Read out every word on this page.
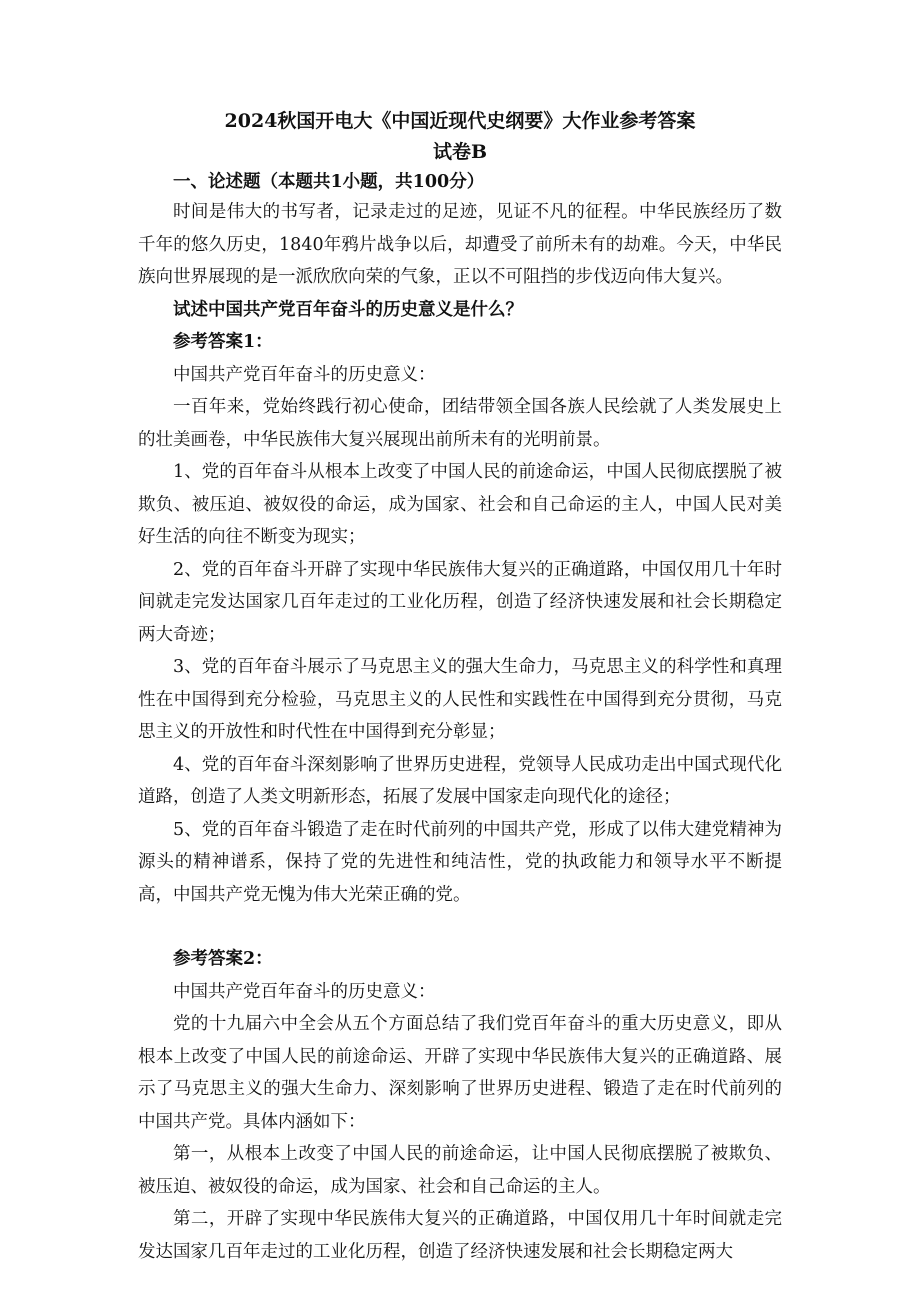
2024秋国开电大《中国近现代史纲要》大作业参考答案
试卷B
一、论述题（本题共1小题，共100分）

时间是伟大的书写者，记录走过的足迹，见证不凡的征程。中华民族经历了数千年的悠久历史，1840年鸦片战争以后，却遭受了前所未有的劫难。今天，中华民族向世界展现的是一派欣欣向荣的气象，正以不可阻挡的步伐迈向伟大复兴。

试述中国共产党百年奋斗的历史意义是什么？

参考答案1：

中国共产党百年奋斗的历史意义：

一百年来，党始终践行初心使命，团结带领全国各族人民绘就了人类发展史上的壮美画卷，中华民族伟大复兴展现出前所未有的光明前景。

1、党的百年奋斗从根本上改变了中国人民的前途命运，中国人民彻底摆脱了被欺负、被压迫、被奴役的命运，成为国家、社会和自己命运的主人，中国人民对美好生活的向往不断变为现实；

2、党的百年奋斗开辟了实现中华民族伟大复兴的正确道路，中国仅用几十年时间就走完发达国家几百年走过的工业化历程，创造了经济快速发展和社会长期稳定两大奇迹；

3、党的百年奋斗展示了马克思主义的强大生命力，马克思主义的科学性和真理性在中国得到充分检验，马克思主义的人民性和实践性在中国得到充分贯彻，马克思主义的开放性和时代性在中国得到充分彰显；

4、党的百年奋斗深刻影响了世界历史进程，党领导人民成功走出中国式现代化道路，创造了人类文明新形态，拓展了发展中国家走向现代化的途径；

5、党的百年奋斗锻造了走在时代前列的中国共产党，形成了以伟大建党精神为源头的精神谱系，保持了党的先进性和纯洁性，党的执政能力和领导水平不断提高，中国共产党无愧为伟大光荣正确的党。

参考答案2：

中国共产党百年奋斗的历史意义：

党的十九届六中全会从五个方面总结了我们党百年奋斗的重大历史意义，即从根本上改变了中国人民的前途命运、开辟了实现中华民族伟大复兴的正确道路、展示了马克思主义的强大生命力、深刻影响了世界历史进程、锻造了走在时代前列的中国共产党。具体内涵如下：

第一，从根本上改变了中国人民的前途命运，让中国人民彻底摆脱了被欺负、被压迫、被奴役的命运，成为国家、社会和自己命运的主人。

第二，开辟了实现中华民族伟大复兴的正确道路，中国仅用几十年时间就走完发达国家几百年走过的工业化历程，创造了经济快速发展和社会长期稳定两大
